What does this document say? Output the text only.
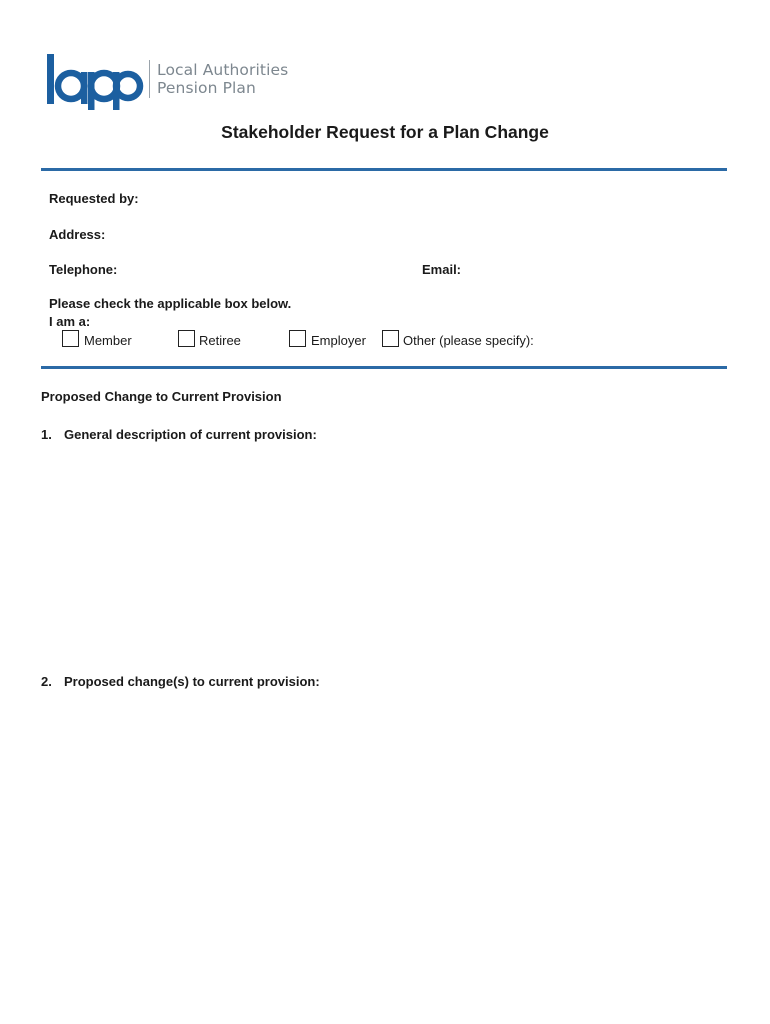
Local Authorities
Pension Plan
Stakeholder Request for a Plan Change
Requested by:
Address:
Telephone:	Email:
Please check the applicable box below.
I am a:
Member	Retiree	Employer	Other (please specify):
Proposed Change to Current Provision
1. General description of current provision:
2. Proposed change(s) to current provision:
